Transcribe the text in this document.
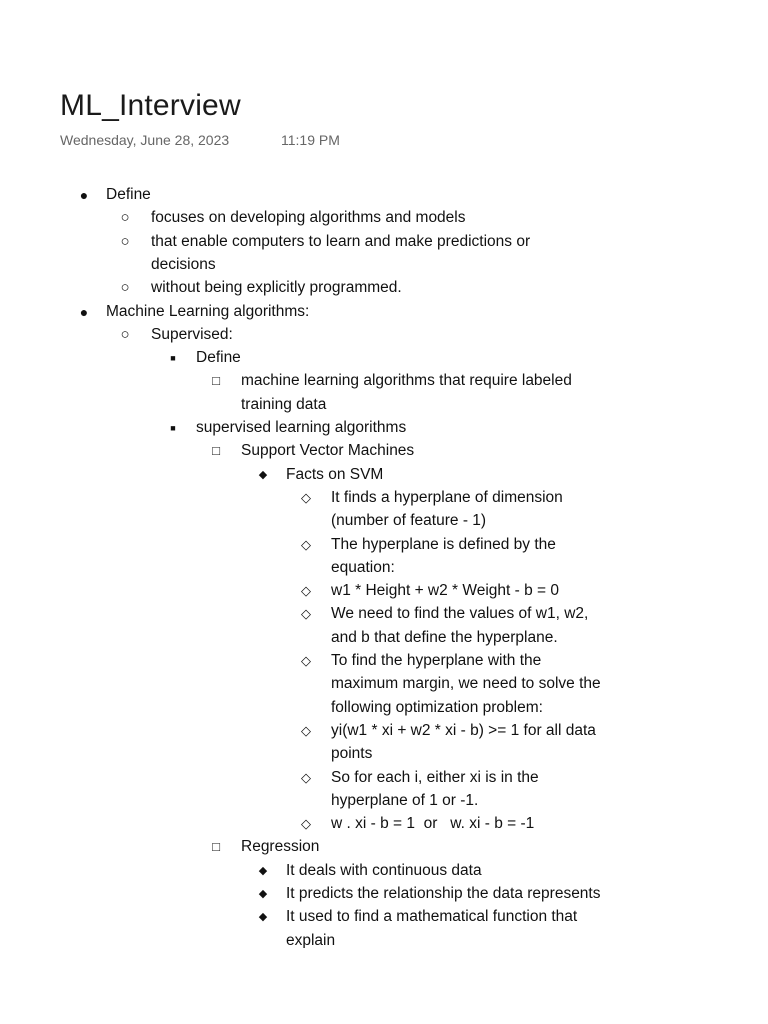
ML_Interview
Wednesday, June 28, 2023	11:19 PM
● Define
○ focuses on developing algorithms and models
○ that enable computers to learn and make predictions or
decisions
○ without being explicitly programmed.
● Machine Learning algorithms:
○ Supervised:
■ Define
□ machine learning algorithms that require labeled
training data
■ supervised learning algorithms
□ Support Vector Machines
◆ Facts on SVM
◇ It finds a hyperplane of dimension
(number of feature - 1)
◇ The hyperplane is defined by the
equation:
◇ w1 * Height + w2 * Weight - b = 0
◇ We need to find the values of w1, w2,
and b that define the hyperplane.
◇ To find the hyperplane with the
maximum margin, we need to solve the
following optimization problem:
◇ yi(w1 * xi + w2 * xi - b) >= 1 for all data
points
◇ So for each i, either xi is in the
hyperplane of 1 or -1.
◇ w . xi - b = 1  or   w. xi - b = -1
□ Regression
◆ It deals with continuous data
◆ It predicts the relationship the data represents
◆ It used to find a mathematical function that
explain
